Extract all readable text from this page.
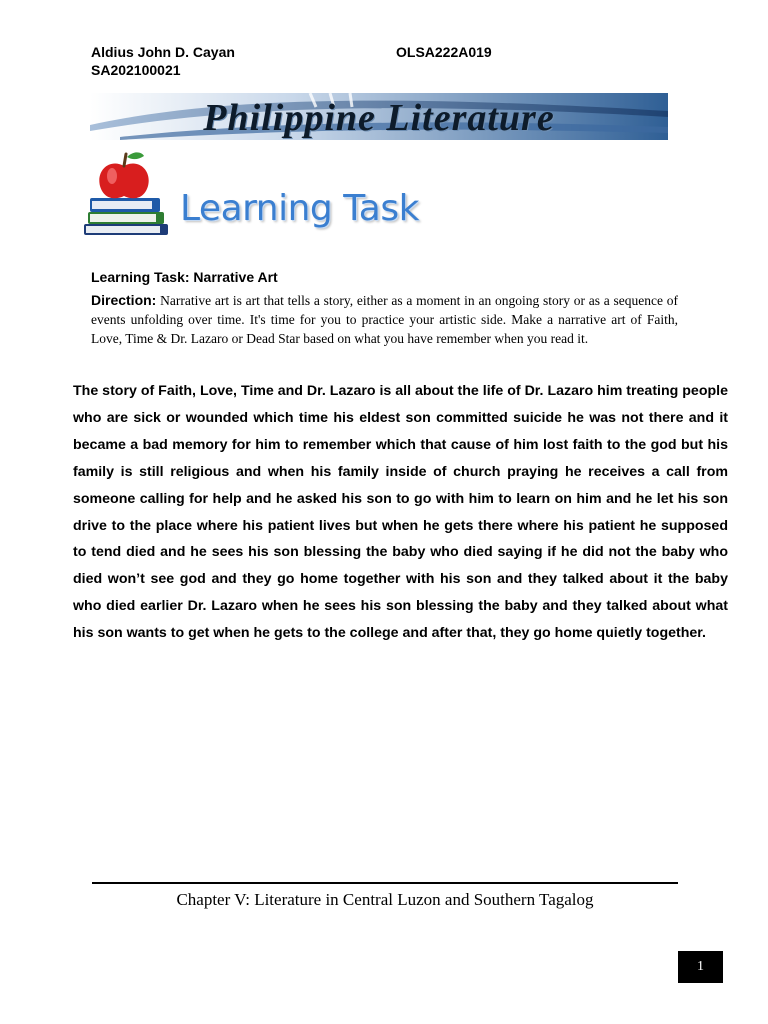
Aldius John D. Cayan	OLSA222A019
SA202100021
Philippine Literature
Learning Task
Learning Task: Narrative Art
Direction: Narrative art is art that tells a story, either as a moment in an ongoing story or as a sequence of events unfolding over time. It's time for you to practice your artistic side. Make a narrative art of Faith, Love, Time & Dr. Lazaro or Dead Star based on what you have remember when you read it.
The story of Faith, Love, Time and Dr. Lazaro is all about the life of Dr. Lazaro him treating people who are sick or wounded which time his eldest son committed suicide he was not there and it became a bad memory for him to remember which that cause of him lost faith to the god but his family is still religious and when his family inside of church praying he receives a call from someone calling for help and he asked his son to go with him to learn on him and he let his son drive to the place where his patient lives but when he gets there where his patient he supposed to tend died and he sees his son blessing the baby who died saying if he did not the baby who died won’t see god and they go home together with his son and they talked about it the baby who died earlier Dr. Lazaro when he sees his son blessing the baby and they talked about what his son wants to get when he gets to the college and after that, they go home quietly together.
Chapter V: Literature in Central Luzon and Southern Tagalog
1
